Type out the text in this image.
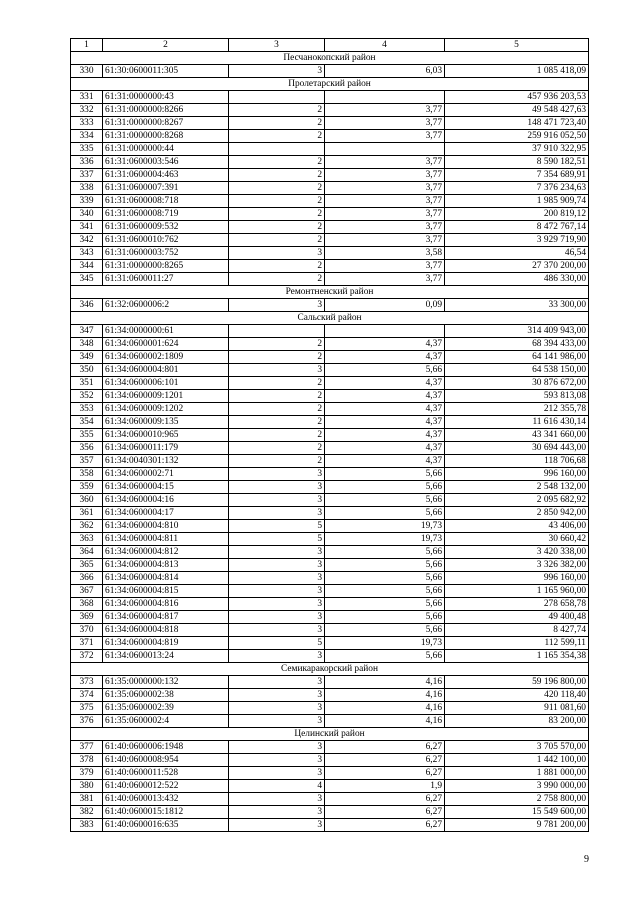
1	2	3	4	5
Песчанокопский район				
330	61:30:0600011:305	3	6,03	1 085 418,09
Пролетарский район				
331	61:31:0000000:43			457 936 203,53
332	61:31:0000000:8266	2	3,77	49 548 427,63
333	61:31:0000000:8267	2	3,77	148 471 723,40
334	61:31:0000000:8268	2	3,77	259 916 052,50
335	61:31:0000000:44			37 910 322,95
336	61:31:0600003:546	2	3,77	8 590 182,51
337	61:31:0600004:463	2	3,77	7 354 689,91
338	61:31:0600007:391	2	3,77	7 376 234,63
339	61:31:0600008:718	2	3,77	1 985 909,74
340	61:31:0600008:719	2	3,77	200 819,12
341	61:31:0600009:532	2	3,77	8 472 767,14
342	61:31:0600010:762	2	3,77	3 929 719,90
343	61:31:0600003:752	3	3,58	46,54
344	61:31:0000000:8265	2	3,77	27 370 200,00
345	61:31:0600011:27	2	3,77	486 330,00
Ремонтненский район				
346	61:32:0600006:2	3	0,09	33 300,00
Сальский район				
347	61:34:0000000:61			314 409 943,00
348	61:34:0600001:624	2	4,37	68 394 433,00
349	61:34:0600002:1809	2	4,37	64 141 986,00
350	61:34:0600004:801	3	5,66	64 538 150,00
351	61:34:0600006:101	2	4,37	30 876 672,00
352	61:34:0600009:1201	2	4,37	593 813,08
353	61:34:0600009:1202	2	4,37	212 355,78
354	61:34:0600009:135	2	4,37	11 616 430,14
355	61:34:0600010:965	2	4,37	43 341 660,00
356	61:34:0600011:179	2	4,37	30 694 443,00
357	61:34:0040301:132	2	4,37	118 706,68
358	61:34:0600002:71	3	5,66	996 160,00
359	61:34:0600004:15	3	5,66	2 548 132,00
360	61:34:0600004:16	3	5,66	2 095 682,92
361	61:34:0600004:17	3	5,66	2 850 942,00
362	61:34:0600004:810	5	19,73	43 406,00
363	61:34:0600004:811	5	19,73	30 660,42
364	61:34:0600004:812	3	5,66	3 420 338,00
365	61:34:0600004:813	3	5,66	3 326 382,00
366	61:34:0600004:814	3	5,66	996 160,00
367	61:34:0600004:815	3	5,66	1 165 960,00
368	61:34:0600004:816	3	5,66	278 658,78
369	61:34:0600004:817	3	5,66	49 400,48
370	61:34:0600004:818	3	5,66	8 427,74
371	61:34:0600004:819	5	19,73	112 599,11
372	61:34:0600013:24	3	5,66	1 165 354,38
Семикаракорский район				
373	61:35:0000000:132	3	4,16	59 196 800,00
374	61:35:0600002:38	3	4,16	420 118,40
375	61:35:0600002:39	3	4,16	911 081,60
376	61:35:0600002:4	3	4,16	83 200,00
Целинский район				
377	61:40:0600006:1948	3	6,27	3 705 570,00
378	61:40:0600008:954	3	6,27	1 442 100,00
379	61:40:0600011:528	3	6,27	1 881 000,00
380	61:40:0600012:522	4	1,9	3 990 000,00
381	61:40:0600013:432	3	6,27	2 758 800,00
382	61:40:0600015:1812	3	6,27	15 549 600,00
383	61:40:0600016:635	3	6,27	9 781 200,00
9
